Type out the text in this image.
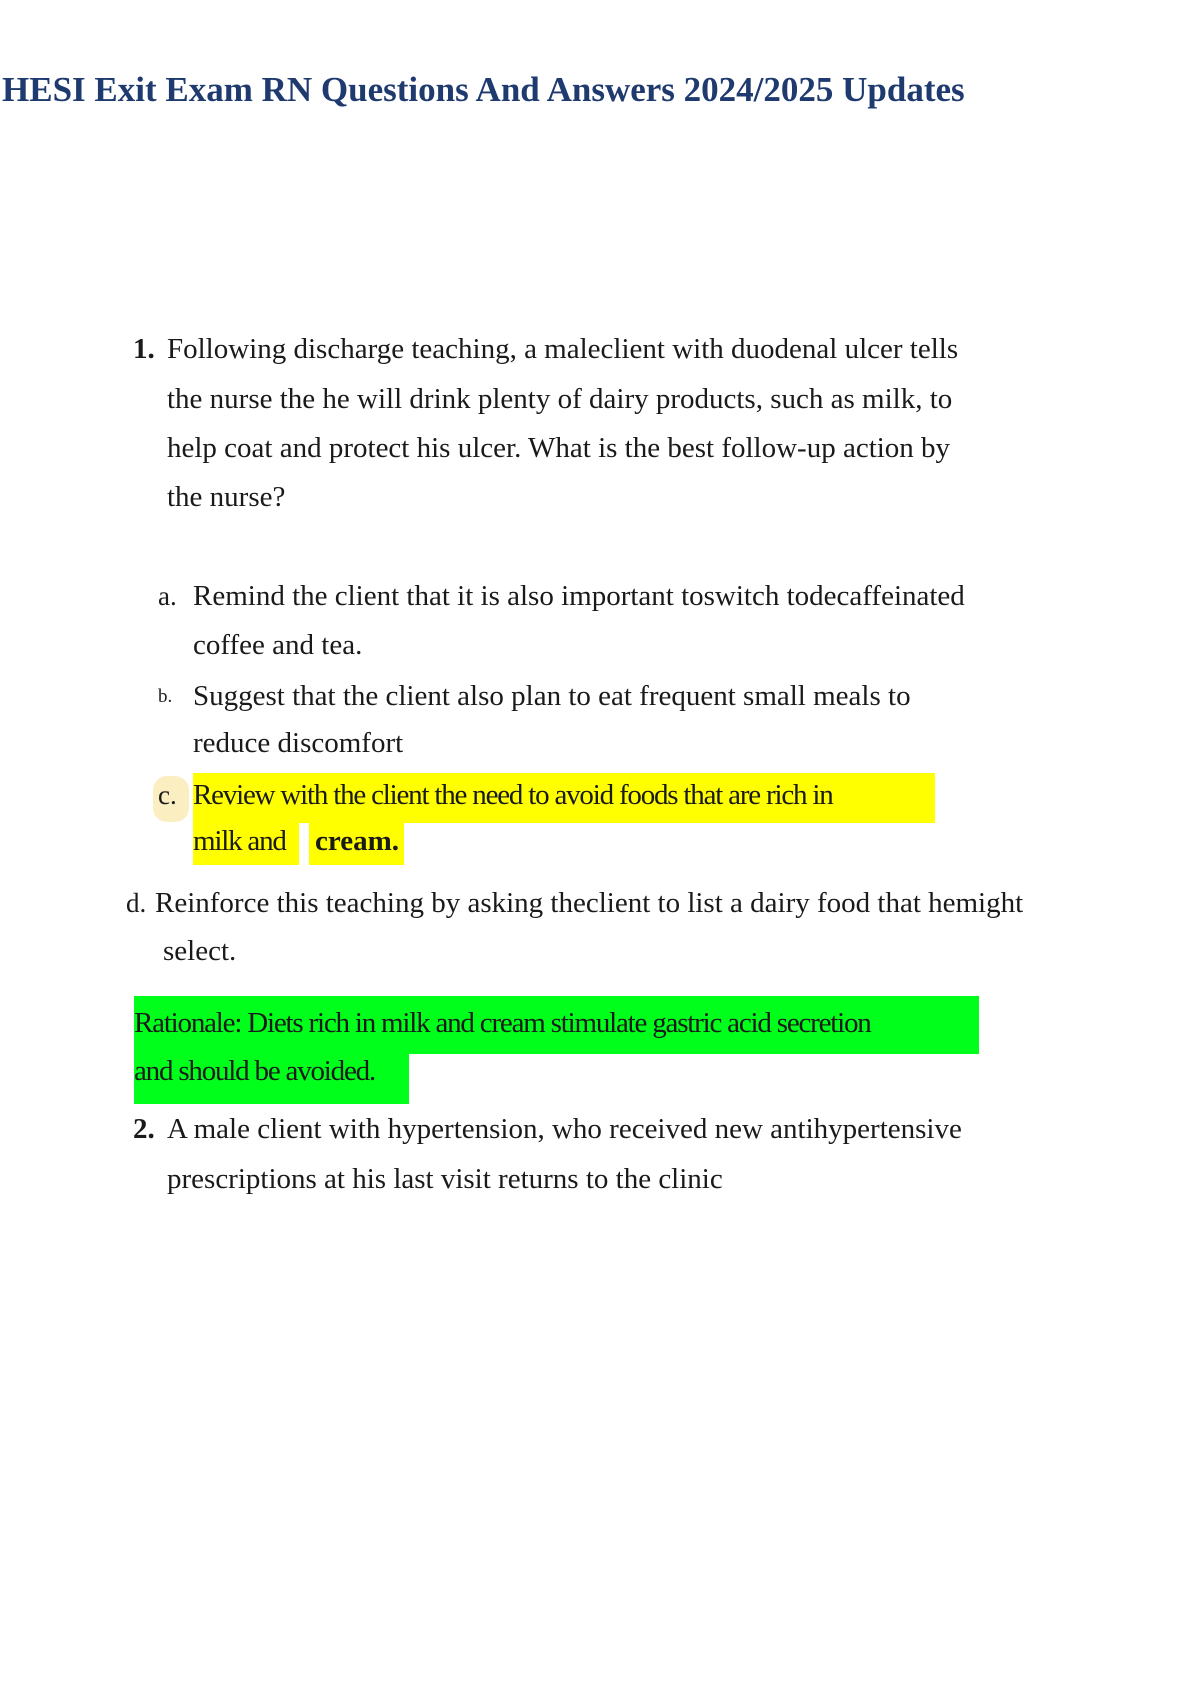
HESI Exit Exam RN Questions And Answers 2024/2025 Updates
1. Following discharge teaching, a maleclient with duodenal ulcer tells
the nurse the he will drink plenty of dairy products, such as milk, to
help coat and protect his ulcer. What is the best follow-up action by
the nurse?
a. Remind the client that it is also important toswitch todecaffeinated
coffee and tea.
b. Suggest that the client also plan to eat frequent small meals to
reduce discomfort
c. Review with the client the need to avoid foods that are rich in
milk and cream.
d. Reinforce this teaching by asking theclient to list a dairy food that hemight
select.
Rationale: Diets rich in milk and cream stimulate gastric acid secretion
and should be avoided.
2. A male client with hypertension, who received new antihypertensive
prescriptions at his last visit returns to the clinic
